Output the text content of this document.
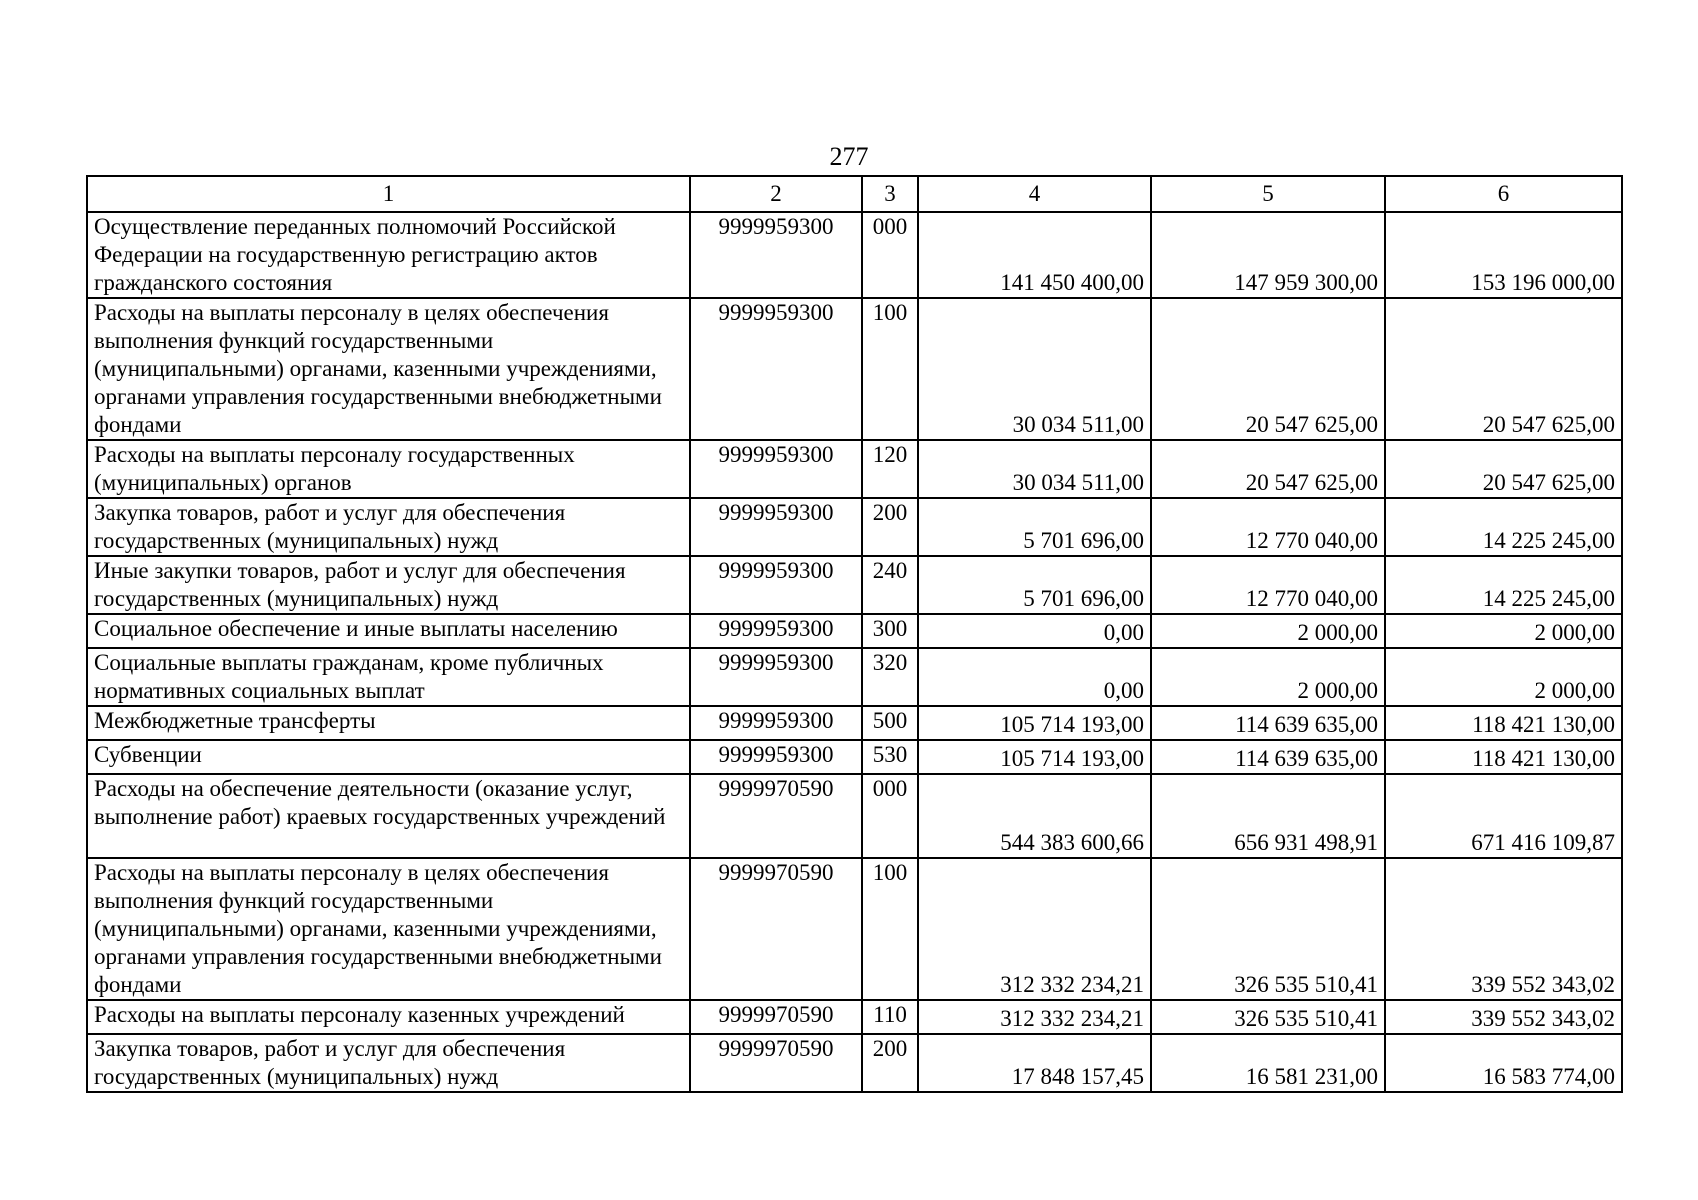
277
1	2	3	4	5	6
Осуществление переданных полномочий Российской Федерации на государственную регистрацию актов гражданского состояния	9999959300	000	141 450 400,00	147 959 300,00	153 196 000,00
Расходы на выплаты персоналу в целях обеспечения выполнения функций государственными (муниципальными) органами, казенными учреждениями, органами управления государственными внебюджетными фондами	9999959300	100	30 034 511,00	20 547 625,00	20 547 625,00
Расходы на выплаты персоналу государственных (муниципальных) органов	9999959300	120	30 034 511,00	20 547 625,00	20 547 625,00
Закупка товаров, работ и услуг для обеспечения государственных (муниципальных) нужд	9999959300	200	5 701 696,00	12 770 040,00	14 225 245,00
Иные закупки товаров, работ и услуг для обеспечения государственных (муниципальных) нужд	9999959300	240	5 701 696,00	12 770 040,00	14 225 245,00
Социальное обеспечение и иные выплаты населению	9999959300	300	0,00	2 000,00	2 000,00
Социальные выплаты гражданам, кроме публичных нормативных социальных выплат	9999959300	320	0,00	2 000,00	2 000,00
Межбюджетные трансферты	9999959300	500	105 714 193,00	114 639 635,00	118 421 130,00
Субвенции	9999959300	530	105 714 193,00	114 639 635,00	118 421 130,00
Расходы на обеспечение деятельности (оказание услуг, выполнение работ) краевых государственных учреждений	9999970590	000	544 383 600,66	656 931 498,91	671 416 109,87
Расходы на выплаты персоналу в целях обеспечения выполнения функций государственными (муниципальными) органами, казенными учреждениями, органами управления государственными внебюджетными фондами	9999970590	100	312 332 234,21	326 535 510,41	339 552 343,02
Расходы на выплаты персоналу казенных учреждений	9999970590	110	312 332 234,21	326 535 510,41	339 552 343,02
Закупка товаров, работ и услуг для обеспечения государственных (муниципальных) нужд	9999970590	200	17 848 157,45	16 581 231,00	16 583 774,00
